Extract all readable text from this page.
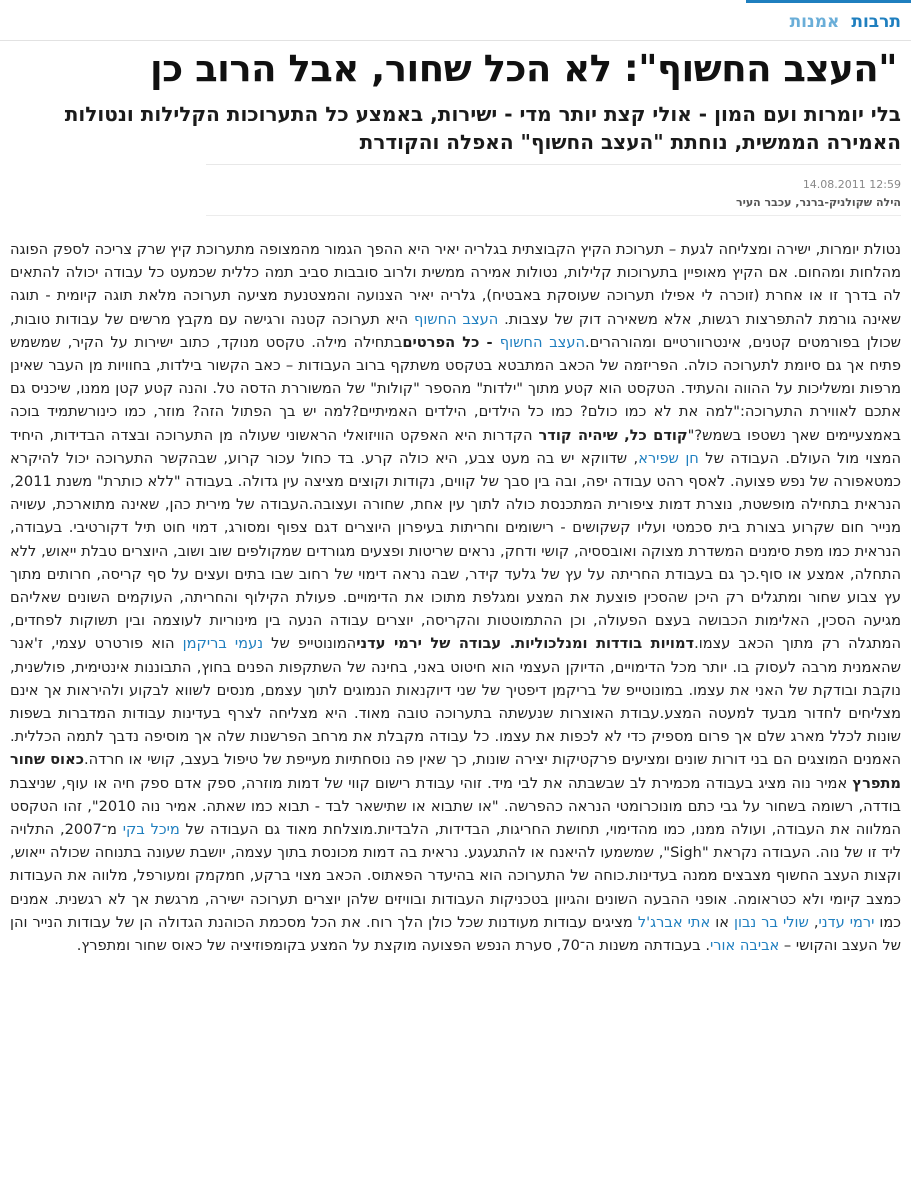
תרבות אמנות
"העצב החשוף": לא הכל שחור, אבל הרוב כן
בלי יומרות ועם המון - אולי קצת יותר מדי - ישירות, באמצע כל התערוכות הקלילות ונטולות האמירה הממשית, נוחתת "העצב החשוף" האפלה והקודרת
14.08.2011 12:59
הילה שקולניק-ברנר, עכבר העיר

נטולת יומרות, ישירה ומצליחה לגעת – תערוכת הקיץ הקבוצתית בגלריה יאיר היא ההפך הגמור מהמצופה מתערוכת קיץ שרק צריכה לספק הפוגה מהלחות ומהחום. אם הקיץ מאופיין בתערוכות קלילות, נטולות אמירה ממשית ולרוב סובבות סביב תמה כללית שכמעט כל עבודה יכולה להתאים לה בדרך זו או אחרת (זוכרה לי אפילו תערוכה שעוסקת באבטיח), גלריה יאיר הצנועה והמצטנעת מציעה תערוכה מלאת תוגה קיומית - תוגה שאינה גורמת להתפרצות רגשות, אלא משאירה דוק של עצבות. העצב החשוף היא תערוכה קטנה ורגישה עם מקבץ מרשים של עבודות טובות, שכולן בפורמטים קטנים, אינטרוורטיים ומהורהרים.העצב החשוף - כל הפרטיםבתחילה מילה. טקסט מנוקד, כתוב ישירות על הקיר, שמשמש פתיח אך גם סיומת לתערוכה כולה. הפריזמה של הכאב המתבטא בטקסט משתקף ברוב העבודות – כאב הקשור בילדות, בחוויות מן העבר שאינן מרפות ומשליכות על ההווה והעתיד. הטקסט הוא קטע מתוך "ילדות" מהספר "קולות" של המשוררת הדסה טל. והנה קטע קטן ממנו, שיכניס גם אתכם לאווירת התערוכה:"למה את לא כמו כולם? כמו כל הילדים, הילדים האמיתיים?למה יש בך הפתול הזה? מוזר, כמו כינורשתמיד בוכה באמצעיימים שאך נשטפו בשמש?"קודם כל, שיהיה קודר הקדרות היא האפקט הוויזואלי הראשוני שעולה מן התערוכה ובצדה הבדידות, היחיד המצוי מול העולם. העבודה של חן שפירא, שדווקא יש בה מעט צבע, היא כולה קרע. בד כחול עכור קרוע, שבהקשר התערוכה יכול להיקרא כמטאפורה של נפש פצועה. לאסף רהט עבודה יפה, ובה בין סבך של קווים, נקודות וקוצים מציצה עין גדולה. בעבודה "ללא כותרת" משנת 2011, הנראית בתחילה מופשטת, נוצרת דמות ציפורית המתכנסת כולה לתוך עין אחת, שחורה ועצובה.העבודה של מירית כהן, שאינה מתוארכת, עשויה מנייר חום שקרוע בצורת בית סכמטי ועליו קשקושים - רישומים וחריתות בעיפרון היוצרים דגם צפוף ומסורג, דמוי חוט תיל דקורטיבי. בעבודה, הנראית כמו מפת סימנים המשדרת מצוקה ואובססיה, קושי ודחק, נראים שריטות ופצעים מגורדים שמקולפים שוב ושוב, היוצרים טבלת ייאוש, ללא התחלה, אמצע או סוף.כך גם בעבודת החריתה על עץ של גלעד קידר, שבה נראה דימוי של רחוב שבו בתים ועצים על סף קריסה, חרותים מתוך עץ צבוע שחור ומתגלים רק היכן שהסכין פוצעת את המצע ומגלפת מתוכו את הדימויים. פעולת הקילוף והחריתה, העוקמים השונים שאליהם מגיעה הסכין, האלימות הכבושה בעצם הפעולה, וכן ההתמוטטות והקריסה, יוצרים עבודה הנעה בין מינוריות לעוצמה ובין תשוקות לפחדים, המתגלה רק מתוך הכאב עצמו.דמויות בודדות ומנלכוליות. עבודה של ירמי עדניהמונוטייפ של נעמי בריקמן הוא פורטרט עצמי, ז'אנר שהאמנית מרבה לעסוק בו. יותר מכל הדימויים, הדיוקן העצמי הוא חיטוט באני, בחינה של השתקפות הפנים בחוץ, התבוננות אינטימית, פולשנית, נוקבת ובודקת של האני את עצמו. במונוטייפ של בריקמן דיפטיך של שני דיוקנאות הנמוגים לתוך עצמם, מנסים לשווא לבקוע ולהיראות אך אינם מצליחים לחדור מבעד למעטה המצע.עבודת האוצרות שנעשתה בתערוכה טובה מאוד. היא מצליחה לצרף בעדינות עבודות המדברות בשפות שונות לכלל מארג שלם אך פרום מספיק כדי לא לכפות את עצמו. כל עבודה מקבלת את מרחב הפרשנות שלה אך מוסיפה נדבך לתמה הכללית. האמנים המוצגים הם בני דורות שונים ומציעים פרקטיקות יצירה שונות, כך שאין פה נוסחתיות מעייפת של טיפול בעצב, קושי או חרדה.כאוס שחור מתפרץ אמיר נוה מציג בעבודה מכמירת לב שבשבתה את לבי מיד. זוהי עבודת רישום קווי של דמות מוזרה, ספק אדם ספק חיה או עוף, שניצבת בודדה, רשומה בשחור על גבי כתם מונוכרומטי הנראה כהפרשה. "או שתבוא או שתישאר לבד - תבוא כמו שאתה. אמיר נוה 2010", זהו הטקסט המלווה את העבודה, ועולה ממנו, כמו מהדימוי, תחושת החריגות, הבדידות, הלבדיות.מוצלחת מאוד גם העבודה של מיכל בקי מ־2007, התלויה ליד זו של נוה. העבודה נקראת "Sigh", שמשמעו להיאנח או להתגעגע. נראית בה דמות מכונסת בתוך עצמה, יושבת שעונה בתנוחה שכולה ייאוש, וקצות העצב החשוף מצבצים ממנה בעדינות.כוחה של התערוכה הוא בהיעדר הפאתוס. הכאב מצוי ברקע, חמקמק ומעורפל, מלווה את העבודות כמצב קיומי ולא כטראומה. אופני ההבעה השונים והגיוון בטכניקות העבודות ובוויזים שלהן יוצרים תערוכה ישירה, מרגשת אך לא רגשנית. אמנים כמו ירמי עדני, שולי בר נבון או אתי אברג'ל מציגים עבודות מעודנות שכל כולן הלך רוח. את הכל מסכמת הכוהנת הגדולה הן של עבודות הנייר והן של העצב והקושי – אביבה אורי. בעבודתה משנות ה־70, סערת הנפש הפצועה מוקצת על המצע בקומפוזיציה של כאוס שחור ומתפרץ.
